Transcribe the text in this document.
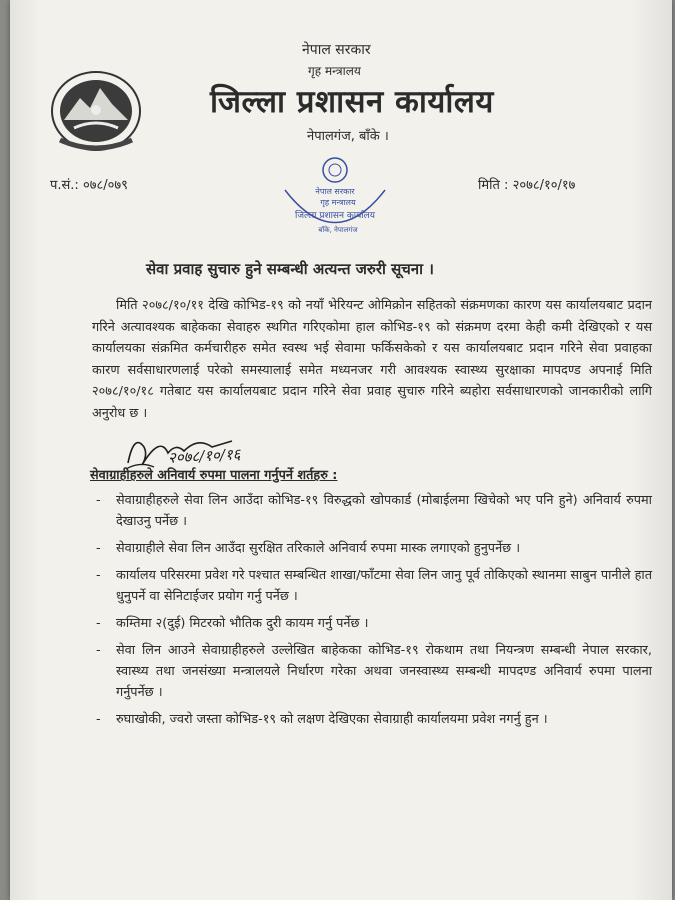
नेपाल सरकार
गृह मन्त्रालय
जिल्ला प्रशासन कार्यालय
नेपालगंज, बाँके ।
प.सं.: ०७८/०७९	मिति : २०७८/१०/१७
नेपाल सरकार
गृह मन्त्रालय
जिल्ला प्रशासन कार्यालय
बाँके, नेपालगंज
सेवा प्रवाह सुचारु हुने सम्बन्धी अत्यन्त जरुरी सूचना ।
मिति २०७८/१०/११ देखि कोभिड-१९ को नयाँ भेरियन्ट ओमिक्रोन सहितको संक्रमणका कारण यस कार्यालयबाट प्रदान गरिने अत्यावश्यक बाहेकका सेवाहरु स्थगित गरिएकोमा हाल कोभिड-१९ को संक्रमण दरमा केही कमी देखिएको र यस कार्यालयका संक्रमित कर्मचारीहरु समेत स्वस्थ भई सेवामा फर्किसकेको र यस कार्यालयबाट प्रदान गरिने सेवा प्रवाहका कारण सर्वसाधारणलाई परेको समस्यालाई समेत मध्यनजर गरी आवश्यक स्वास्थ्य सुरक्षाका मापदण्ड अपनाई मिति २०७८/१०/१८ गतेबाट यस कार्यालयबाट प्रदान गरिने सेवा प्रवाह सुचारु गरिने ब्यहोरा सर्वसाधारणको जानकारीको लागि अनुरोध छ ।
२०७८/१०/१६
सेवाग्राहीहरुले अनिवार्य रुपमा पालना गर्नुपर्ने शर्तहरु :
- सेवाग्राहीहरुले सेवा लिन आउँदा कोभिड-१९ विरुद्धको खोपकार्ड (मोबाईलमा खिचेको भए पनि हुने) अनिवार्य रुपमा देखाउनु पर्नेछ ।
- सेवाग्राहीले सेवा लिन आउँदा सुरक्षित तरिकाले अनिवार्य रुपमा मास्क लगाएको हुनुपर्नेछ ।
- कार्यालय परिसरमा प्रवेश गरे पश्चात सम्बन्धित शाखा/फाँटमा सेवा लिन जानु पूर्व तोकिएको स्थानमा साबुन पानीले हात धुनुपर्ने वा सेनिटाईजर प्रयोग गर्नु पर्नेछ ।
- कम्तिमा २(दुई) मिटरको भौतिक दुरी कायम गर्नु पर्नेछ ।
- सेवा लिन आउने सेवाग्राहीहरुले उल्लेखित बाहेकका कोभिड-१९ रोकथाम तथा नियन्त्रण सम्बन्धी नेपाल सरकार, स्वास्थ्य तथा जनसंख्या मन्त्रालयले निर्धारण गरेका अथवा जनस्वास्थ्य सम्बन्धी मापदण्ड अनिवार्य रुपमा पालना गर्नुपर्नेछ ।
- रुघाखोकी, ज्वरो जस्ता कोभिड-१९ को लक्षण देखिएका सेवाग्राही कार्यालयमा प्रवेश नगर्नु हुन ।
